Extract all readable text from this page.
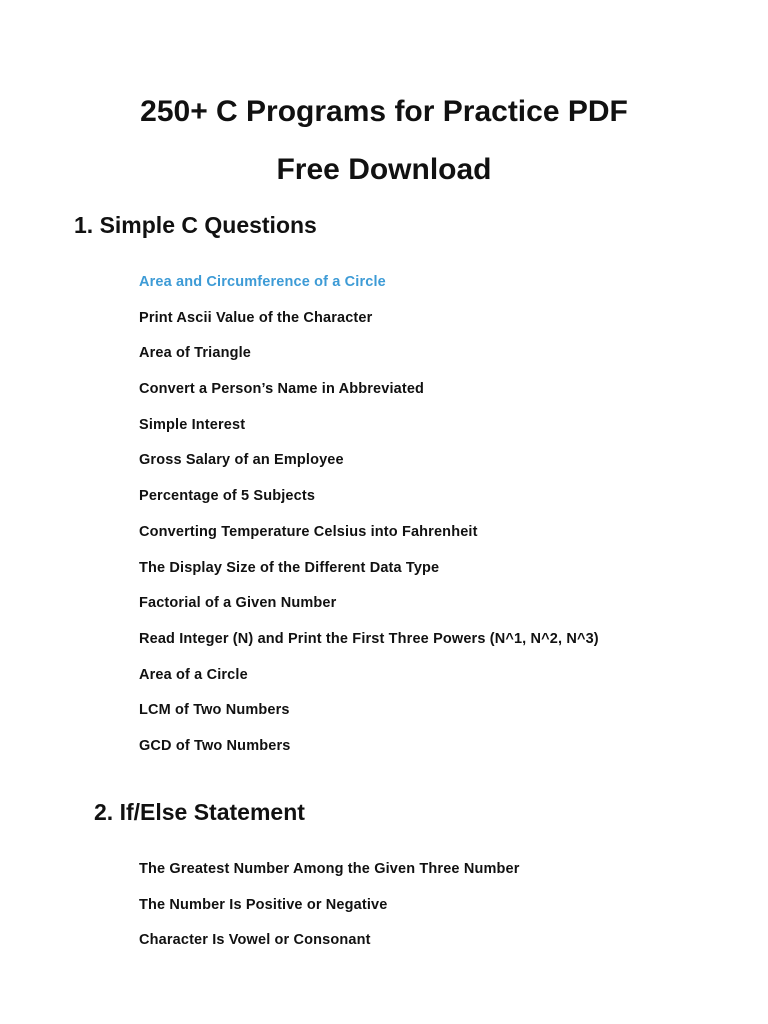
250+ C Programs for Practice PDF
Free Download
1. Simple C Questions
Area and Circumference of a Circle
Print Ascii Value of the Character
Area of Triangle
Convert a Person’s Name in Abbreviated
Simple Interest
Gross Salary of an Employee
Percentage of 5 Subjects
Converting Temperature Celsius into Fahrenheit
The Display Size of the Different Data Type
Factorial of a Given Number
Read Integer (N) and Print the First Three Powers (N^1, N^2, N^3)
Area of a Circle
LCM of Two Numbers
GCD of Two Numbers
2. If/Else Statement
The Greatest Number Among the Given Three Number
The Number Is Positive or Negative
Character Is Vowel or Consonant
